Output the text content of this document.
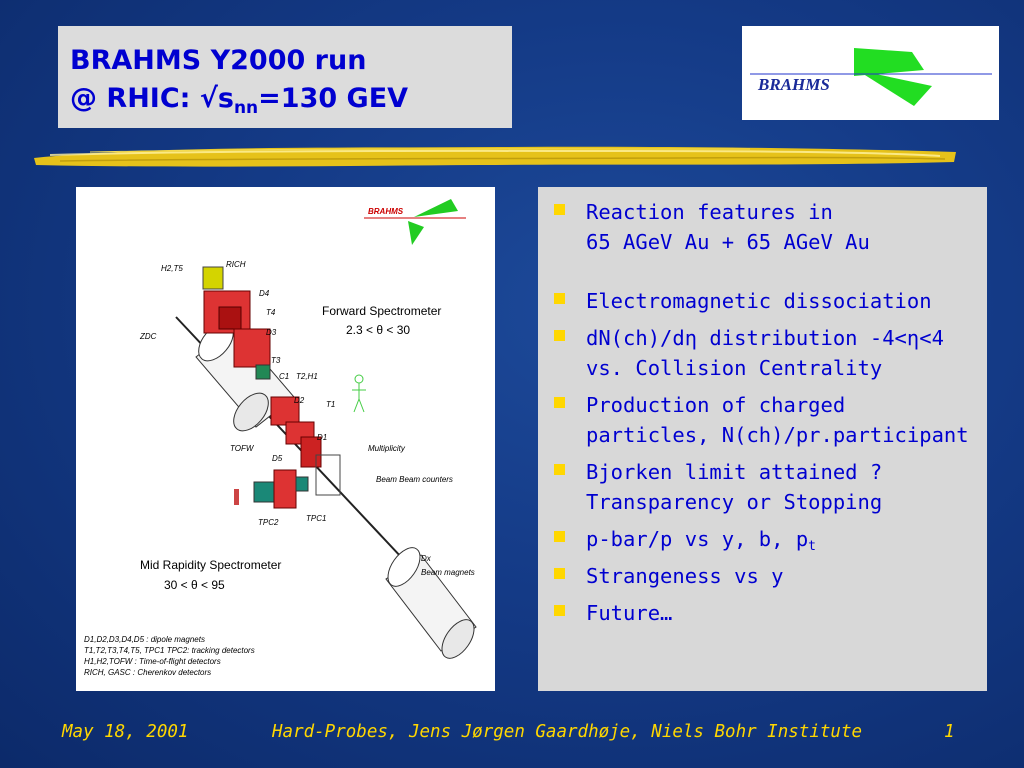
BRAHMS Y2000 run
@ RHIC: $√s_{nn}=130$ GEV	BRAHMS
BRAHMS
H2,T5	RICH
D4
T4
D3
T3
ZDC
C1 T2,H1
D2	T1
D1
Multiplicity
TOFW
D5
Beam Beam counters
TPC2	TPC1
Dx
Beam magnets
Forward Spectrometer
2.3 < θ < 30
Mid Rapidity Spectrometer
30 < θ < 95
D1,D2,D3,D4,D5 : dipole magnets
T1,T2,T3,T4,T5, TPC1 TPC2: tracking detectors
H1,H2,TOFW : Time-of-flight detectors
RICH, GASC : Cherenkov detectors
Reaction features in
65 AGeV Au + 65 AGeV Au
Electromagnetic dissociation
dN(ch)/dη distribution -4<η<4
vs. Collision Centrality
Production of charged
particles, N(ch)/pr.participant
Bjorken limit attained ?
Transparency or Stopping
p-bar/p vs y, b, $p_t$
Strangeness vs y
Future…
May 18, 2001	Hard-Probes, Jens Jørgen Gaardhøje, Niels Bohr Institute	1
